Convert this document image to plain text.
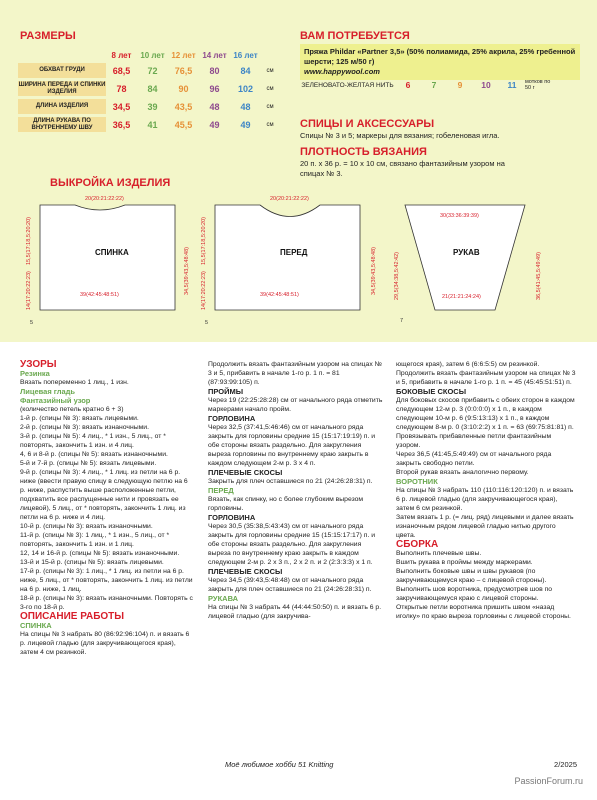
РАЗМЕРЫ
	8 лет	10 лет	12 лет	14 лет	16 лет	
ОБХВАТ ГРУДИ	68,5	72	76,5	80	84	см
ШИРИНА ПЕРЕДА И СПИНКИ ИЗДЕЛИЯ	78	84	90	96	102	см
ДЛИНА ИЗДЕЛИЯ	34,5	39	43,5	48	48	см
ДЛИНА РУКАВА ПО ВНУТРЕННЕМУ ШВУ	36,5	41	45,5	49	49	см
ВАМ ПОТРЕБУЕТСЯ
Пряжа Phildar «Partner 3,5» (50% полиамида, 25% акрила, 25% гребенной шерсти; 125 м/50 г)
www.happywool.com
ЗЕЛЕНОВАТО-ЖЕЛТАЯ НИТЬ 6	7	9 10 11 мотков по 50 г
СПИЦЫ И АКСЕССУАРЫ
Спицы № 3 и 5; маркеры для вязания; гобеленовая игла.
ПЛОТНОСТЬ ВЯЗАНИЯ
20 п. х 36 р. = 10 х 10 см, связано фантазийным узором на спицах № 3.
ВЫКРОЙКА ИЗДЕЛИЯ
20(20:21:22:22)
39(42:45:48:51)
20(20:21:22:22)
39(42:45:48:51)
30(33:36:39:39)
21(21:21:24:24)
34,5(39:43,5:48:48)
15,5(17:18,5:20:20)
14(17:20:22:23)	34,5(39:43,5:48:48)
15,5(17:18,5:20:20)
14(17:20:22:23)	36,5(41:45,5:49:49)
29,5(34:38,5:42:42)
5	5	7
СПИНКА	ПЕРЕД	РУКАВ

УЗОРЫ

Резинка

Вязать попеременно 1 лиц., 1 изн.

Лицевая гладь

Фантазийный узор

(количество петель кратно 6 + 3)

1-й р. (спицы № 3): вязать лицевыми.

2-й р. (спицы № 3): вязать изнаночными.

3-й р. (спицы № 5): 4 лиц., * 1 изн., 5 лиц., от * повторять, закончить 1 изн. и 4 лиц.

4, 6 и 8-й р. (спицы № 5): вязать изнаночными.

5-й и 7-й р. (спицы № 5): вязать лицевыми.

9-й р. (спицы № 3): 4 лиц., * 1 лиц. из петли на 6 р. ниже (ввести правую спицу в следующую петлю на 6 р. ниже, распустить выше расположенные петли, подхватить все распущенные нити и провязать ее лицевой), 5 лиц., от * повторять, закончить 1 лиц. из петли на 6 р. ниже и 4 лиц.

10-й р. (спицы № 3): вязать изнаночными.

11-й р. (спицы № 3): 1 лиц., * 1 изн., 5 лиц., от * повторять, закончить 1 изн. и 1 лиц.

12, 14 и 16-й р. (спицы № 5): вязать изнаночными.

13-й и 15-й р. (спицы № 5): вязать лицевыми.

17-й р. (спицы № 3): 1 лиц., * 1 лиц. из петли на 6 р. ниже, 5 лиц., от * повторять, закончить 1 лиц. из петли на 6 р. ниже, 1 лиц.

18-й р. (спицы № 3): вязать изнаночными. Повторять с 3-го по 18-й р.

ОПИСАНИЕ РАБОТЫ

СПИНКА

На спицы № 3 набрать 80 (86:92:96:104) п. и вязать 6 р. лицевой гладью (для закручивающегося края), затем 4 см резинкой.

Продолжить вязать фантазийным узором на спицах № 3 и 5, прибавить в начале 1-го р. 1 п. = 81 (87:93:99:105) п.

ПРОЙМЫ

Через 19 (22:25:28:28) см от начального ряда отметить маркерами начало пройм.

ГОРЛОВИНА

Через 32,5 (37:41,5:46:46) см от начального ряда закрыть для горловины средние 15 (15:17:19:19) п. и обе стороны вязать раздельно. Для закругления выреза горловины по внутреннему краю закрыть в каждом следующем 2-м р. 3 х 4 п.

ПЛЕЧЕВЫЕ СКОСЫ

Закрыть для плеч оставшиеся по 21 (24:26:28:31) п.

ПЕРЕД

Вязать, как спинку, но с более глубоким вырезом горловины.

ГОРЛОВИНА

Через 30,5 (35:38,5:43:43) см от начального ряда закрыть для горловины средние 15 (15:15:17:17) п. и обе стороны вязать раздельно. Для закругления выреза по внутреннему краю закрыть в каждом следующем 2-м р. 2 х 3 п., 2 х 2 п. и 2 (2:3:3:3) х 1 п.

ПЛЕЧЕВЫЕ СКОСЫ

Через 34,5 (39:43,5:48:48) см от начального ряда закрыть для плеч оставшиеся по 21 (24:26:28:31) п.

РУКАВА

На спицы № 3 набрать 44 (44:44:50:50) п. и вязать 6 р. лицевой гладью (для закручива-

ющегося края), затем 6 (6:6:5:5) см резинкой.

Продолжить вязать фантазийным узором на спицах № 3 и 5, прибавить в начале 1-го р. 1 п. = 45 (45:45:51:51) п.

БОКОВЫЕ СКОСЫ

Для боковых скосов прибавить с обеих сторон в каждом следующем 12-м р. 3 (0:0:0:0) х 1 п., в каждом следующем 10-м р. 6 (9:5:13:13) х 1 п., в каждом следующем 8-м р. 0 (3:10:2:2) х 1 п. = 63 (69:75:81:81) п.

Провязывать прибавленные петли фантазийным узором.

Через 36,5 (41:45,5:49:49) см от начального ряда закрыть свободно петли.

Второй рукав вязать аналогично первому.

ВОРОТНИК

На спицы № 3 набрать 110 (110:116:120:120) п. и вязать 6 р. лицевой гладью (для закручивающегося края), затем 6 см резинкой.

Затем вязать 1 р. (= лиц. ряд) лицевыми и далее вязать изнаночным рядом лицевой гладью нитью другого цвета.

СБОРКА

Выполнить плечевые швы.

Вшить рукава в проймы между маркерами.

Выполнить боковые швы и швы рукавов (по закручивающемуся краю – с лицевой стороны).

Выполнить шов воротника, предусмотрев шов по закручивающемуся краю с лицевой стороны.

Открытые петли воротника пришить швом «назад иголку» по краю выреза горловины с лицевой стороны.

Моё любимое хобби 51 Knitting	2/2025
PassionForum.ru
